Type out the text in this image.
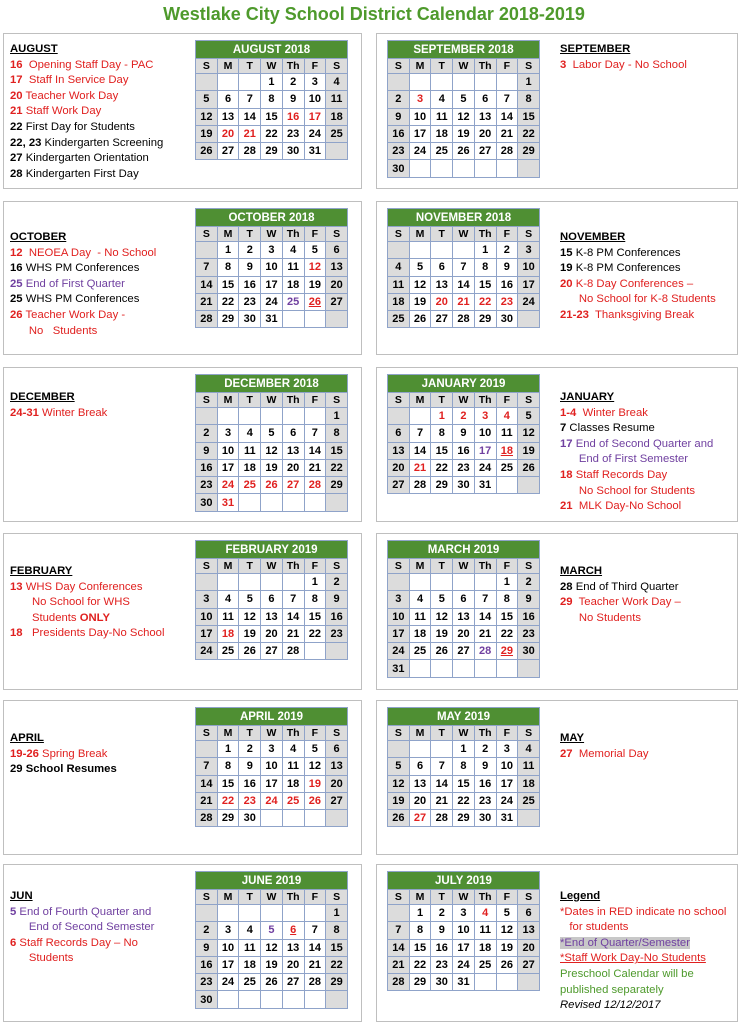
Westlake City School District Calendar 2018-2019
AUGUST
16  Opening Staff Day - PAC
17  Staff In Service Day
20 Teacher Work Day
21 Staff Work Day
22 First Day for Students
22, 23 Kindergarten Screening
27 Kindergarten Orientation
28 Kindergarten First Day
AUGUST 2018						
S	M	T	W	Th	F	S
			1	2	3	4
5	6	7	8	9	10	11
12	13	14	15	16	17	18
19	20	21	22	23	24	25
26	27	28	29	30	31	
SEPTEMBER
3  Labor Day - No School
SEPTEMBER 2018						
S	M	T	W	Th	F	S
						1
2	3	4	5	6	7	8
9	10	11	12	13	14	15
16	17	18	19	20	21	22
23	24	25	26	27	28	29
30						
OCTOBER
12  NEOEA Day  - No School
16 WHS PM Conferences
25 End of First Quarter
25 WHS PM Conferences
26 Teacher Work Day -
No   Students
OCTOBER 2018						
S	M	T	W	Th	F	S
	1	2	3	4	5	6
7	8	9	10	11	12	13
14	15	16	17	18	19	20
21	22	23	24	25	26	27
28	29	30	31			
NOVEMBER
15 K-8 PM Conferences
19 K-8 PM Conferences
20 K-8 Day Conferences –
No School for K-8 Students
21-23  Thanksgiving Break
NOVEMBER 2018						
S	M	T	W	Th	F	S
				1	2	3
4	5	6	7	8	9	10
11	12	13	14	15	16	17
18	19	20	21	22	23	24
25	26	27	28	29	30	
DECEMBER
24-31 Winter Break
DECEMBER 2018						
S	M	T	W	Th	F	S
						1
2	3	4	5	6	7	8
9	10	11	12	13	14	15
16	17	18	19	20	21	22
23	24	25	26	27	28	29
30	31					
JANUARY
1-4  Winter Break
7 Classes Resume
17 End of Second Quarter and
End of First Semester
18 Staff Records Day
No School for Students
21  MLK Day-No School
JANUARY 2019						
S	M	T	W	Th	F	S
		1	2	3	4	5
6	7	8	9	10	11	12
13	14	15	16	17	18	19
20	21	22	23	24	25	26
27	28	29	30	31		
FEBRUARY
13 WHS Day Conferences
No School for WHS
Students ONLY
18   Presidents Day-No School
FEBRUARY 2019						
S	M	T	W	Th	F	S
					1	2
3	4	5	6	7	8	9
10	11	12	13	14	15	16
17	18	19	20	21	22	23
24	25	26	27	28		
MARCH
28 End of Third Quarter
29  Teacher Work Day –
No Students
MARCH 2019						
S	M	T	W	Th	F	S
					1	2
3	4	5	6	7	8	9
10	11	12	13	14	15	16
17	18	19	20	21	22	23
24	25	26	27	28	29	30
31						
APRIL
19-26 Spring Break
29 School Resumes
APRIL 2019						
S	M	T	W	Th	F	S
	1	2	3	4	5	6
7	8	9	10	11	12	13
14	15	16	17	18	19	20
21	22	23	24	25	26	27
28	29	30				
MAY
27  Memorial Day
MAY 2019						
S	M	T	W	Th	F	S
			1	2	3	4
5	6	7	8	9	10	11
12	13	14	15	16	17	18
19	20	21	22	23	24	25
26	27	28	29	30	31	
JUN
5 End of Fourth Quarter and
End of Second Semester
6 Staff Records Day – No
Students
JUNE 2019						
S	M	T	W	Th	F	S
						1
2	3	4	5	6	7	8
9	10	11	12	13	14	15
16	17	18	19	20	21	22
23	24	25	26	27	28	29
30						
Legend
*Dates in RED indicate no school
for students
*End of Quarter/Semester
*Staff Work Day-No Students
Preschool Calendar will be
published separately
Revised 12/12/2017
JULY 2019						
S	M	T	W	Th	F	S
	1	2	3	4	5	6
7	8	9	10	11	12	13
14	15	16	17	18	19	20
21	22	23	24	25	26	27
28	29	30	31			
